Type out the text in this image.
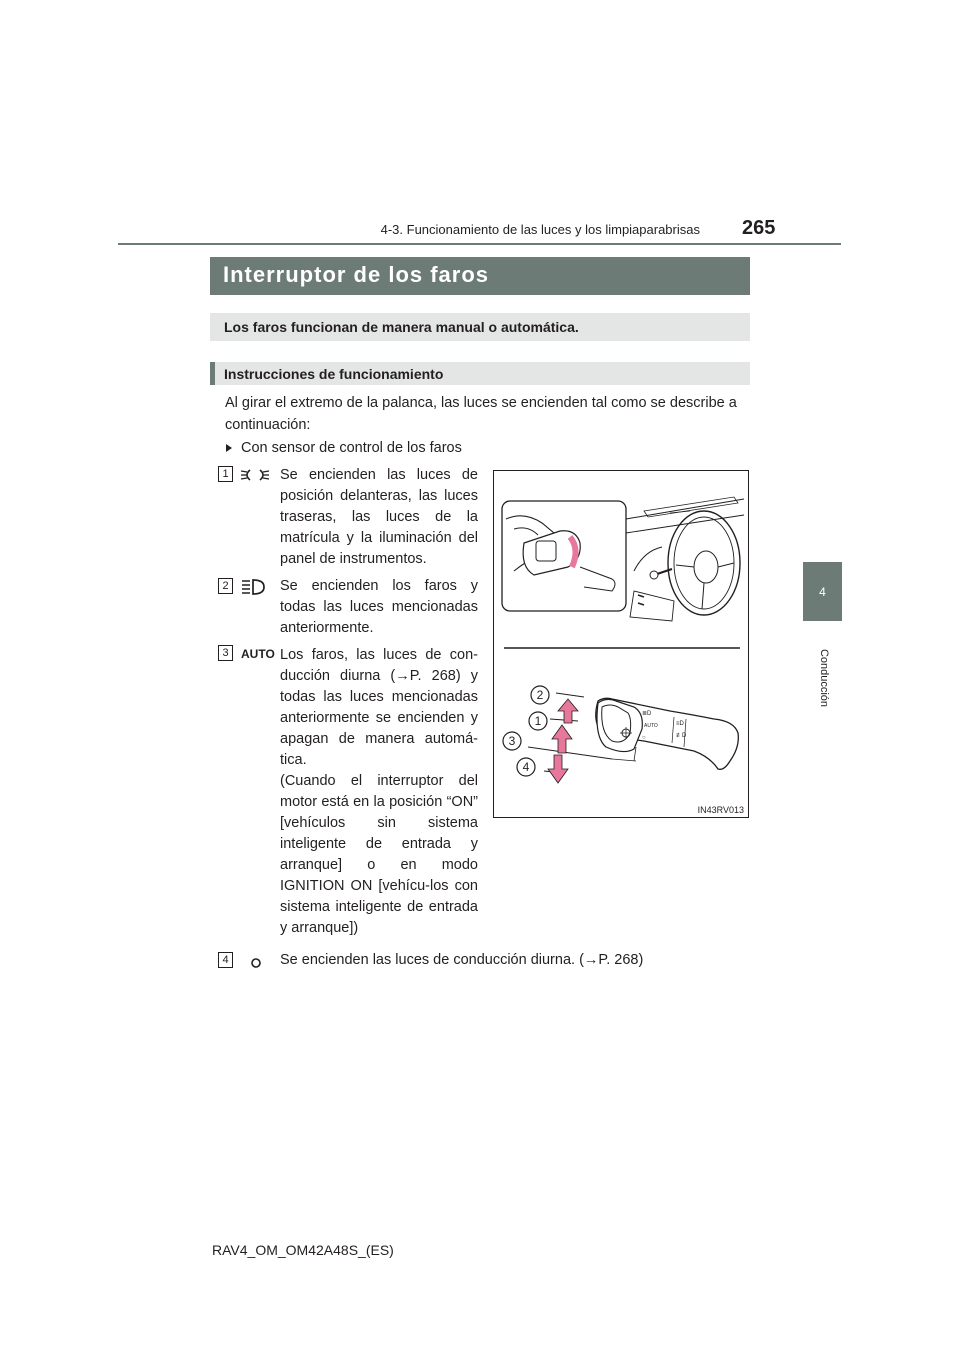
4-3. Funcionamiento de las luces y los limpiaparabrisas 265
4
Conducción
Interruptor de los faros
Los faros funcionan de manera manual o automática.
Instrucciones de funcionamiento
Al girar el extremo de la palanca, las luces se encienden tal como se describe a continuación:
Con sensor de control de los faros
1	Se encienden las luces de posición delanteras, las luces traseras, las luces de la matrícula y la iluminación del panel de instrumentos.
2	Se encienden los faros y todas las luces mencionadas anteriormente.
3	AUTO Los faros, las luces de con-ducción diurna (→P. 268) y todas las luces mencionadas anteriormente se encienden y apagan de manera automá-tica.
(Cuando el interruptor del motor está en la posición “ON” [vehículos sin sistema inteligente de entrada y arranque] o en modo IGNITION ON [vehícu-los con sistema inteligente de entrada y arranque])
4	Se encienden las luces de conducción diurna. (→P. 268)
≣D
AUTO
○
≡D
≢D
2
1
3
4
IN43RV013
RAV4_OM_OM42A48S_(ES)
